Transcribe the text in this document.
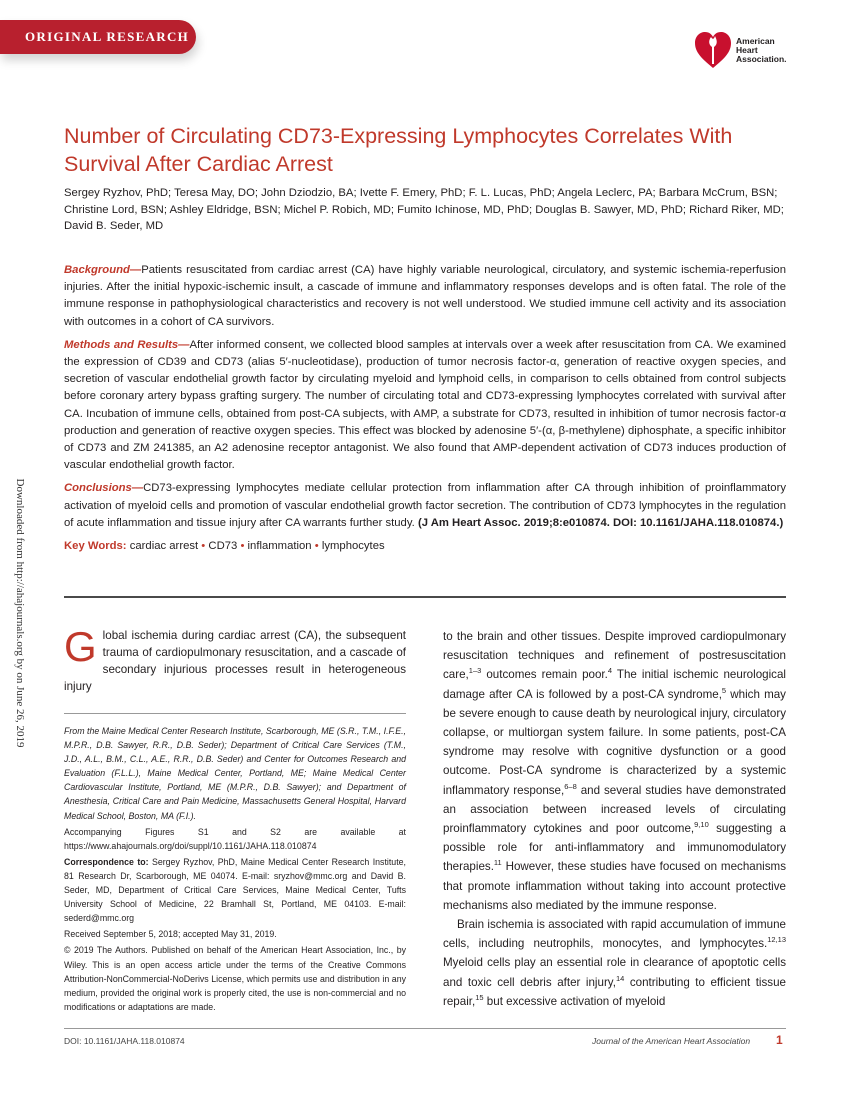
ORIGINAL RESEARCH	American
Heart
Association.
Downloaded from http://ahajournals.org by on June 26, 2019
Number of Circulating CD73-Expressing Lymphocytes Correlates With Survival After Cardiac Arrest
Sergey Ryzhov, PhD; Teresa May, DO; John Dziodzio, BA; Ivette F. Emery, PhD; F. L. Lucas, PhD; Angela Leclerc, PA; Barbara McCrum, BSN; Christine Lord, BSN; Ashley Eldridge, BSN; Michel P. Robich, MD; Fumito Ichinose, MD, PhD; Douglas B. Sawyer, MD, PhD; Richard Riker, MD; David B. Seder, MD

Background—Patients resuscitated from cardiac arrest (CA) have highly variable neurological, circulatory, and systemic ischemia-reperfusion injuries. After the initial hypoxic-ischemic insult, a cascade of immune and inflammatory responses develops and is often fatal. The role of the immune response in pathophysiological characteristics and recovery is not well understood. We studied immune cell activity and its association with outcomes in a cohort of CA survivors.

Methods and Results—After informed consent, we collected blood samples at intervals over a week after resuscitation from CA. We examined the expression of CD39 and CD73 (alias 5′-nucleotidase), production of tumor necrosis factor-α, generation of reactive oxygen species, and secretion of vascular endothelial growth factor by circulating myeloid and lymphoid cells, in comparison to cells obtained from control subjects before coronary artery bypass grafting surgery. The number of circulating total and CD73-expressing lymphocytes correlated with survival after CA. Incubation of immune cells, obtained from post-CA subjects, with AMP, a substrate for CD73, resulted in inhibition of tumor necrosis factor-α production and generation of reactive oxygen species. This effect was blocked by adenosine 5′-(α, β-methylene) diphosphate, a specific inhibitor of CD73 and ZM 241385, an A2 adenosine receptor antagonist. We also found that AMP-dependent activation of CD73 induces production of vascular endothelial growth factor.

Conclusions—CD73-expressing lymphocytes mediate cellular protection from inflammation after CA through inhibition of proinflammatory activation of myeloid cells and promotion of vascular endothelial growth factor secretion. The contribution of CD73 lymphocytes in the regulation of acute inflammation and tissue injury after CA warrants further study. (J Am Heart Assoc. 2019;8:e010874. DOI: 10.1161/JAHA.118.010874.)

Key Words: cardiac arrest • CD73 • inflammation • lymphocytes

Global ischemia during cardiac arrest (CA), the subsequent trauma of cardiopulmonary resuscitation, and a cascade of secondary injurious processes result in heterogeneous injury

From the Maine Medical Center Research Institute, Scarborough, ME (S.R., T.M., I.F.E., M.P.R., D.B. Sawyer, R.R., D.B. Seder); Department of Critical Care Services (T.M., J.D., A.L., B.M., C.L., A.E., R.R., D.B. Seder) and Center for Outcomes Research and Evaluation (F.L.L.), Maine Medical Center, Portland, ME; Maine Medical Center Cardiovascular Institute, Portland, ME (M.P.R., D.B. Sawyer); and Department of Anesthesia, Critical Care and Pain Medicine, Massachusetts General Hospital, Harvard Medical School, Boston, MA (F.I.).

Accompanying Figures S1 and S2 are available at https://www.ahajournals.org/doi/suppl/10.1161/JAHA.118.010874

Correspondence to: Sergey Ryzhov, PhD, Maine Medical Center Research Institute, 81 Research Dr, Scarborough, ME 04074. E-mail: sryzhov@mmc.org and David B. Seder, MD, Department of Critical Care Services, Maine Medical Center, Tufts University School of Medicine, 22 Bramhall St, Portland, ME 04103. E-mail: sederd@mmc.org

Received September 5, 2018; accepted May 31, 2019.

© 2019 The Authors. Published on behalf of the American Heart Association, Inc., by Wiley. This is an open access article under the terms of the Creative Commons Attribution-NonCommercial-NoDerivs License, which permits use and distribution in any medium, provided the original work is properly cited, the use is non-commercial and no modifications or adaptations are made.

to the brain and other tissues. Despite improved cardiopulmonary resuscitation techniques and refinement of postresuscitation care,$^{1-3}$ outcomes remain poor.$^4$ The initial ischemic neurological damage after CA is followed by a post-CA syndrome,$^5$ which may be severe enough to cause death by neurological injury, circulatory collapse, or multiorgan system failure. In some patients, post-CA syndrome may resolve with cognitive dysfunction or a good outcome. Post-CA syndrome is characterized by a systemic inflammatory response,$^{6-8}$ and several studies have demonstrated an association between increased levels of circulating proinflammatory cytokines and poor outcome,$^{9,10}$ suggesting a possible role for anti-inflammatory and immunomodulatory therapies.$^{11}$ However, these studies have focused on mechanisms that promote inflammation without taking into account protective mechanisms also mediated by the immune response.

Brain ischemia is associated with rapid accumulation of immune cells, including neutrophils, monocytes, and lymphocytes.$^{12,13}$ Myeloid cells play an essential role in clearance of apoptotic cells and toxic cell debris after injury,$^{14}$ contributing to efficient tissue repair,$^{15}$ but excessive activation of myeloid

DOI: 10.1161/JAHA.118.010874	Journal of the American Heart Association 1
